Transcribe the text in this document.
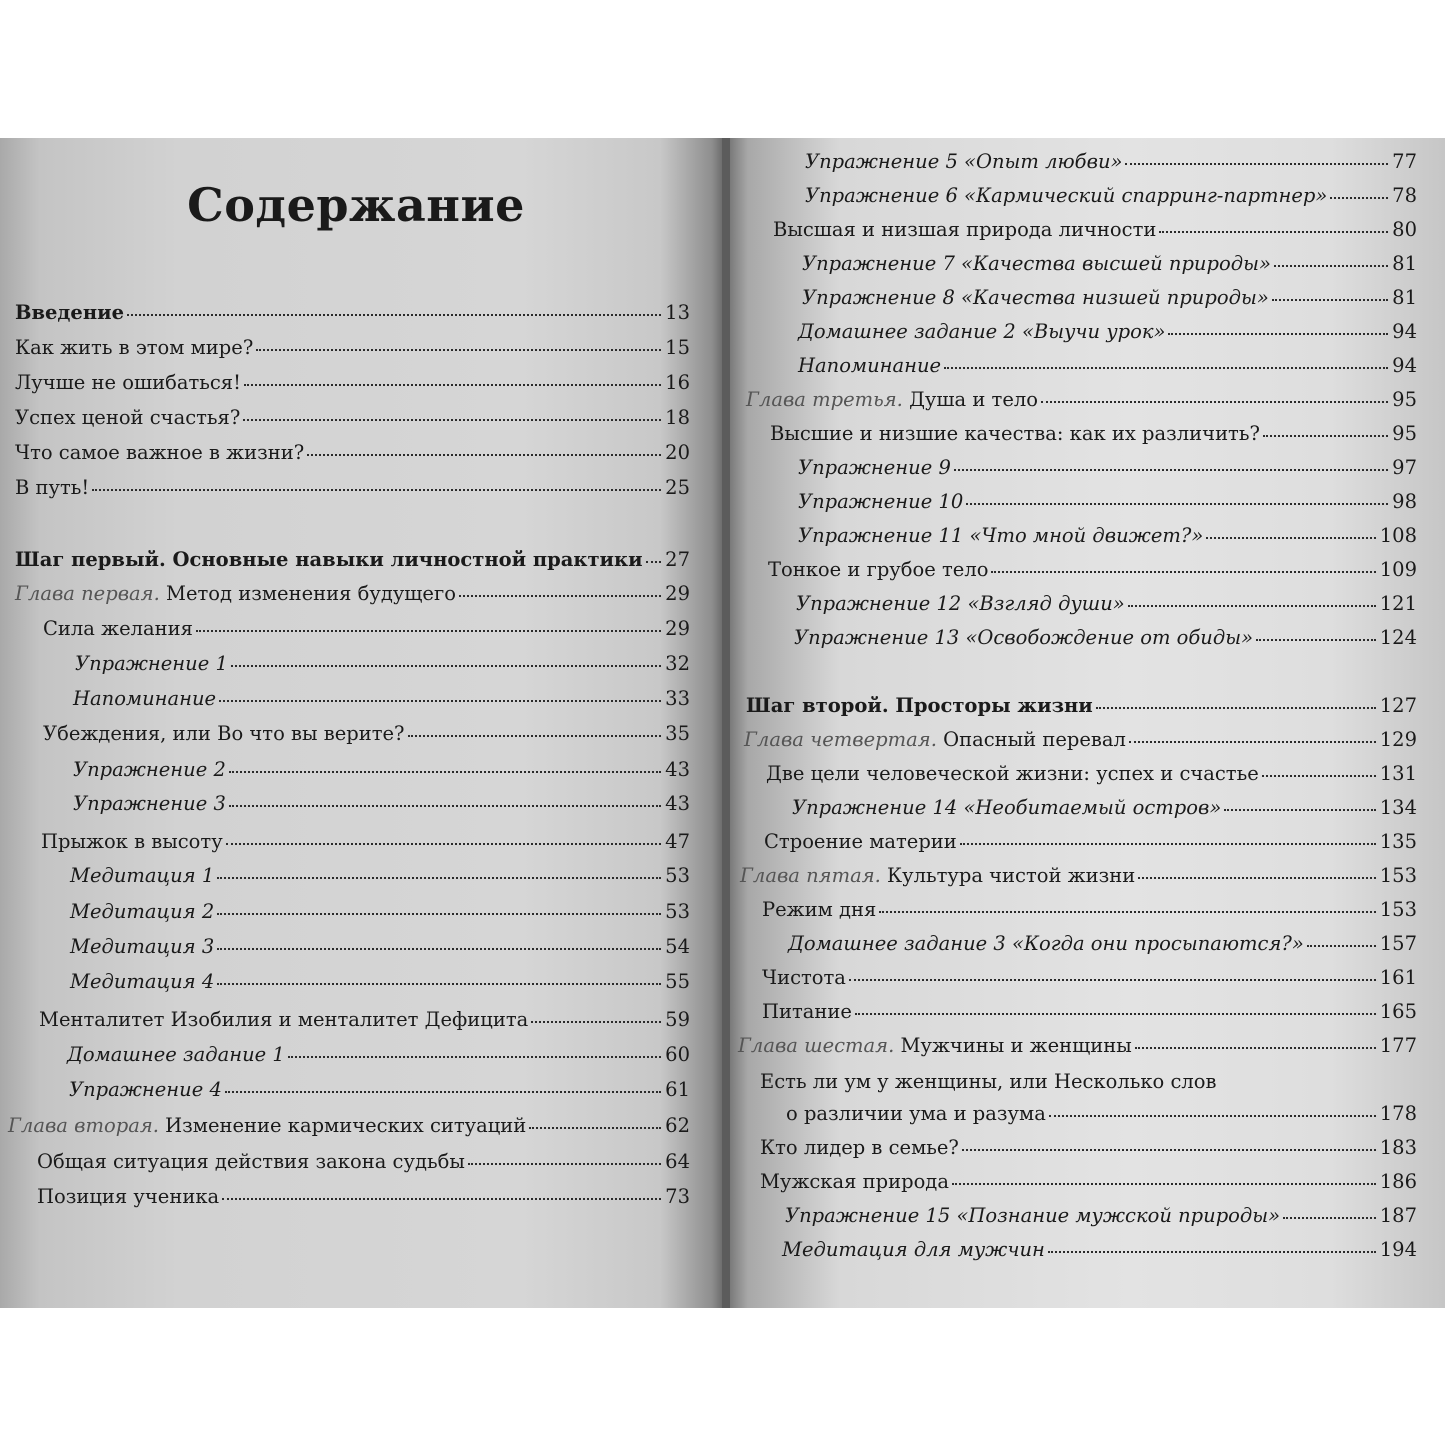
Содержание
Введение	13
Как жить в этом мире?	15
Лучше не ошибаться!	16
Успех ценой счастья?	18
Что самое важное в жизни?	20
В путь!	25
Шаг первый. Основные навыки личностной практики 27
Глава первая. Метод изменения будущего	29
Сила желания	29
Упражнение 1	32
Напоминание	33
Убеждения, или Во что вы верите?	35
Упражнение 2	43
Упражнение 3	43
Прыжок в высоту	47
Медитация 1	53
Медитация 2	53
Медитация 3	54
Медитация 4	55
Менталитет Изобилия и менталитет Дефицита	59
Домашнее задание 1	60
Упражнение 4	61
Глава вторая. Изменение кармических ситуаций	62
Общая ситуация действия закона судьбы	64
Позиция ученика	73
Упражнение 5 «Опыт любви»	77
Упражнение 6 «Кармический спарринг-партнер»	78
Высшая и низшая природа личности	80
Упражнение 7 «Качества высшей природы»	81
Упражнение 8 «Качества низшей природы»	81
Домашнее задание 2 «Выучи урок»	94
Напоминание	94
Глава третья. Душа и тело	95
Высшие и низшие качества: как их различить?	95
Упражнение 9	97
Упражнение 10	98
Упражнение 11 «Что мной движет?»	108
Тонкое и грубое тело	109
Упражнение 12 «Взгляд души»	121
Упражнение 13 «Освобождение от обиды»	124
Шаг второй. Просторы жизни	127
Глава четвертая. Опасный перевал	129
Две цели человеческой жизни: успех и счастье	131
Упражнение 14 «Необитаемый остров»	134
Строение материи	135
Глава пятая. Культура чистой жизни	153
Режим дня	153
Домашнее задание 3 «Когда они просыпаются?»	157
Чистота	161
Питание	165
Глава шестая. Мужчины и женщины	177
Есть ли ум у женщины, или Несколько слов
о различии ума и разума	178
Кто лидер в семье?	183
Мужская природа	186
Упражнение 15 «Познание мужской природы»	187
Медитация для мужчин	194
